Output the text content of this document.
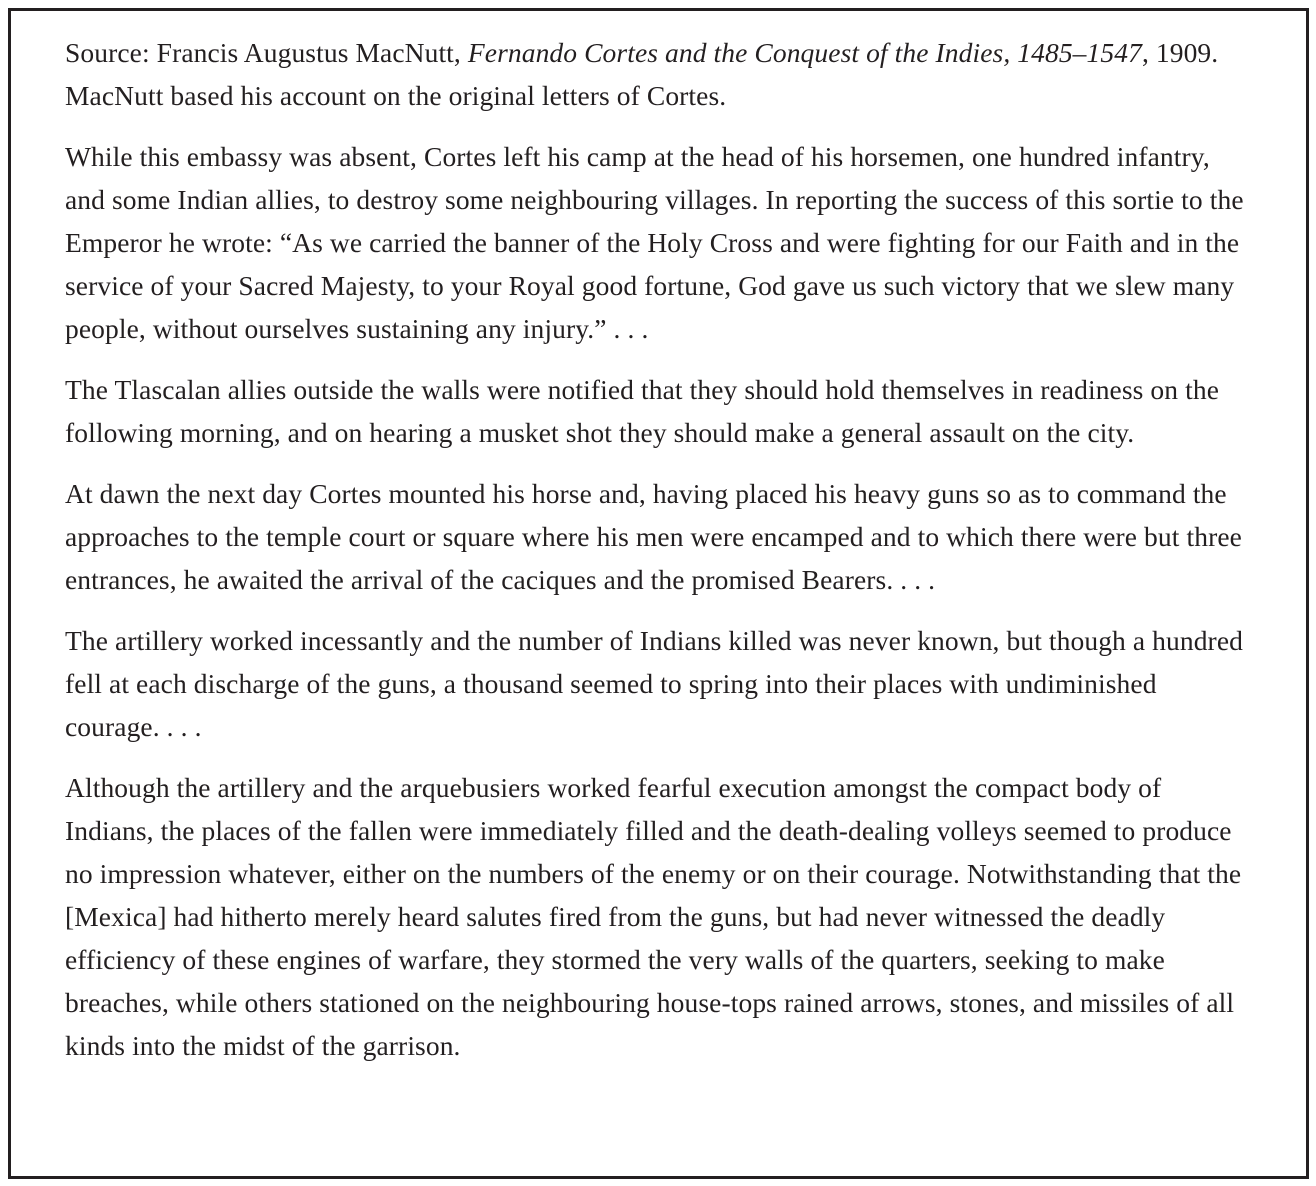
Source: Francis Augustus MacNutt, Fernando Cortes and the Conquest of the Indies, 1485–1547, 1909. MacNutt based his account on the original letters of Cortes.

While this embassy was absent, Cortes left his camp at the head of his horsemen, one hundred infantry, and some Indian allies, to destroy some neighbouring villages. In reporting the success of this sortie to the Emperor he wrote: “As we carried the banner of the Holy Cross and were fighting for our Faith and in the service of your Sacred Majesty, to your Royal good fortune, God gave us such victory that we slew many people, without ourselves sustaining any injury.” . . .

The Tlascalan allies outside the walls were notified that they should hold themselves in readiness on the following morning, and on hearing a musket shot they should make a general assault on the city.

At dawn the next day Cortes mounted his horse and, having placed his heavy guns so as to command the approaches to the temple court or square where his men were encamped and to which there were but three entrances, he awaited the arrival of the caciques and the promised Bearers. . . .

The artillery worked incessantly and the number of Indians killed was never known, but though a hundred fell at each discharge of the guns, a thousand seemed to spring into their places with undiminished courage. . . .

Although the artillery and the arquebusiers worked fearful execution amongst the compact body of Indians, the places of the fallen were immediately filled and the death-dealing volleys seemed to produce no impression whatever, either on the numbers of the enemy or on their courage. Notwithstanding that the [Mexica] had hitherto merely heard salutes fired from the guns, but had never witnessed the deadly efficiency of these engines of warfare, they stormed the very walls of the quarters, seeking to make breaches, while others stationed on the neighbouring house-tops rained arrows, stones, and missiles of all kinds into the midst of the garrison.
